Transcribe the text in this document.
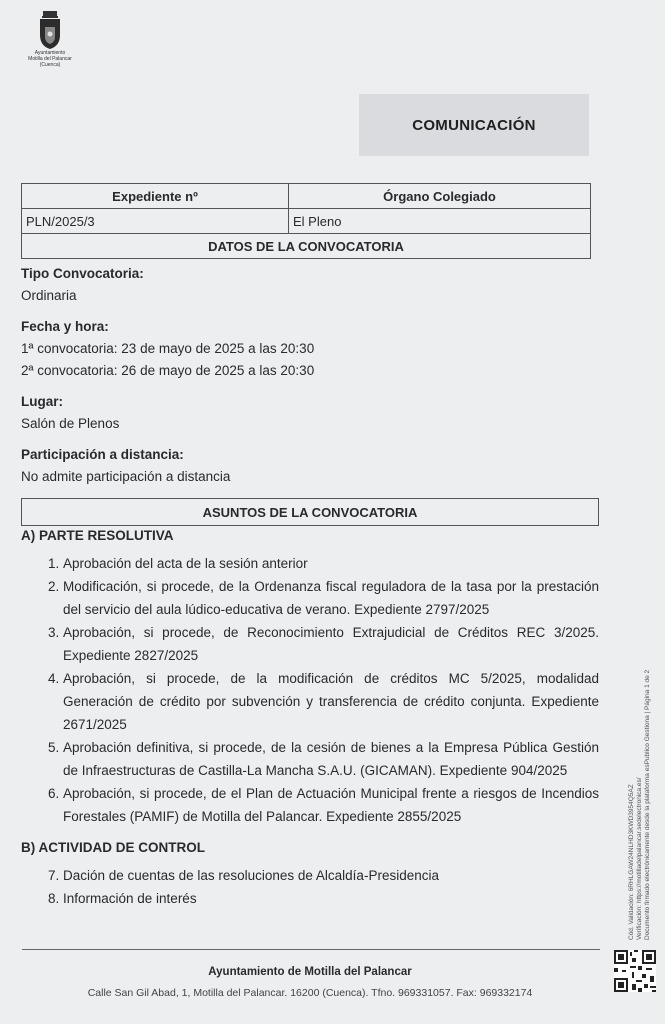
Ayuntamiento
Motilla del Palancar
(Cuenca)
COMUNICACIÓN
Expediente nº	Órgano Colegiado
PLN/2025/3	El Pleno
DATOS DE LA CONVOCATORIA	
Tipo Convocatoria:
Ordinaria
Fecha y hora:
1ª convocatoria: 23 de mayo de 2025 a las 20:30
2ª convocatoria: 26 de mayo de 2025 a las 20:30
Lugar:
Salón de Plenos
Participación a distancia:
No admite participación a distancia
ASUNTOS DE LA CONVOCATORIA
A) PARTE RESOLUTIVA
1. Aprobación del acta de la sesión anterior
2. Modificación, si procede, de la Ordenanza fiscal reguladora de la tasa por la prestación del servicio del aula lúdico-educativa de verano. Expediente 2797/2025
3. Aprobación, si procede, de Reconocimiento Extrajudicial de Créditos REC 3/2025. Expediente 2827/2025
4. Aprobación, si procede, de la modificación de créditos MC 5/2025, modalidad Generación de crédito por subvención y transferencia de crédito conjunta. Expediente 2671/2025
5. Aprobación definitiva, si procede, de la cesión de bienes a la Empresa Pública Gestión de Infraestructuras de Castilla-La Mancha S.A.U. (GICAMAN). Expediente 904/2025
6. Aprobación, si procede, de el Plan de Actuación Municipal frente a riesgos de Incendios Forestales (PAMIF) de Motilla del Palancar. Expediente 2855/2025
B) ACTIVIDAD DE CONTROL
7. Dación de cuentas de las resoluciones de Alcaldía-Presidencia
8. Información de interés
Ayuntamiento de Motilla del Palancar
Calle San Gil Abad, 1, Motilla del Palancar. 16200 (Cuenca). Tfno. 969331057. Fax: 969332174
Cód. Validación: 6RHLGAW24NLHD3KWD3954Q5AZ Verificación: https://motilladelpalancar.sedelectronica.es/ Documento firmado electrónicamente desde la plataforma esPublico Gestiona | Página 1 de 2
